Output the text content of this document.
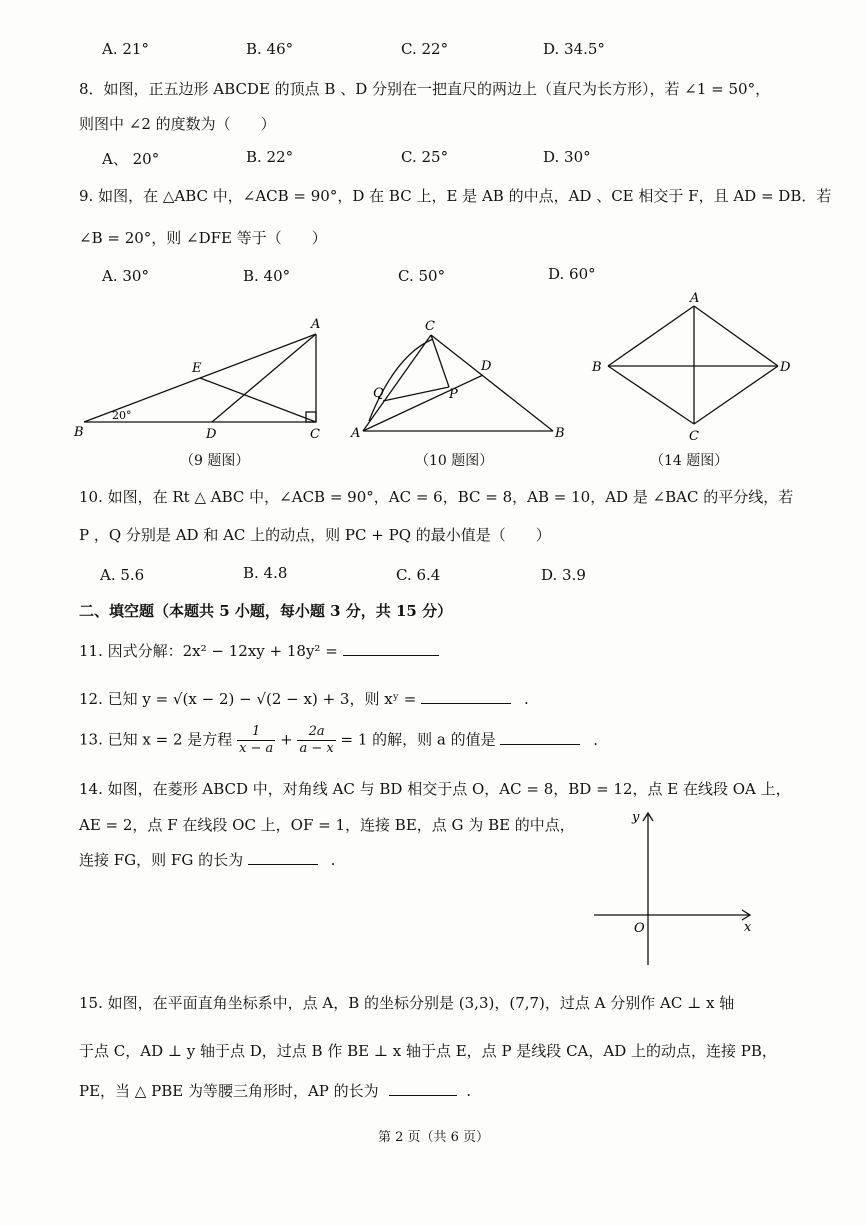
A. 21°	B. 46°	C. 22°	D. 34.5°
8．如图，正五边形 ABCDE 的顶点 B 、D 分别在一把直尺的两边上（直尺为长方形），若 ∠1 = 50°，
则图中 ∠2 的度数为（　　）
A、 20°	B. 22°	C. 25°	D. 30°
9. 如图，在 △ABC 中，∠ACB = 90°，D 在 BC 上，E 是 AB 的中点，AD 、CE 相交于 F，且 AD = DB．若
∠B = 20°，则 ∠DFE 等于（　　）
A. 30°	B. 40°	C. 50°	D. 60°
A
E
B	D	C
20°
（9 题图）
C
D
Q	P
A	B
（10 题图）
A
B	D
C
（14 题图）
10. 如图，在 Rt △ ABC 中，∠ACB = 90°，AC = 6，BC = 8，AB = 10，AD 是 ∠BAC 的平分线，若
P ，Q 分别是 AD 和 AC 上的动点，则 PC + PQ 的最小值是（　　）
A. 5.6	B. 4.8	C. 6.4	D. 3.9
二、填空题（本题共 5 小题，每小题 3 分，共 15 分）
11. 因式分解：2x² − 12xy + 18y² =
12. 已知 y = √(x − 2) − √(2 − x) + 3，则 xʸ =	.
13. 已知 x = 2 是方程 $\frac{1}{x - a} + \frac{2a}{a - x} = 1$ 的解，则 a 的值是	.
14. 如图，在菱形 ABCD 中，对角线 AC 与 BD 相交于点 O，AC = 8，BD = 12，点 E 在线段 OA 上，
AE = 2，点 F 在线段 OC 上，OF = 1，连接 BE，点 G 为 BE 的中点，
连接 FG，则 FG 的长为	.
x
y
O
15. 如图，在平面直角坐标系中，点 A，B 的坐标分别是 (3,3)，(7,7)，过点 A 分别作 AC ⊥ x 轴
于点 C，AD ⊥ y 轴于点 D，过点 B 作 BE ⊥ x 轴于点 E，点 P 是线段 CA，AD 上的动点，连接 PB，
PE，当 △ PBE 为等腰三角形时，AP 的长为	.
第 2 页（共 6 页）
